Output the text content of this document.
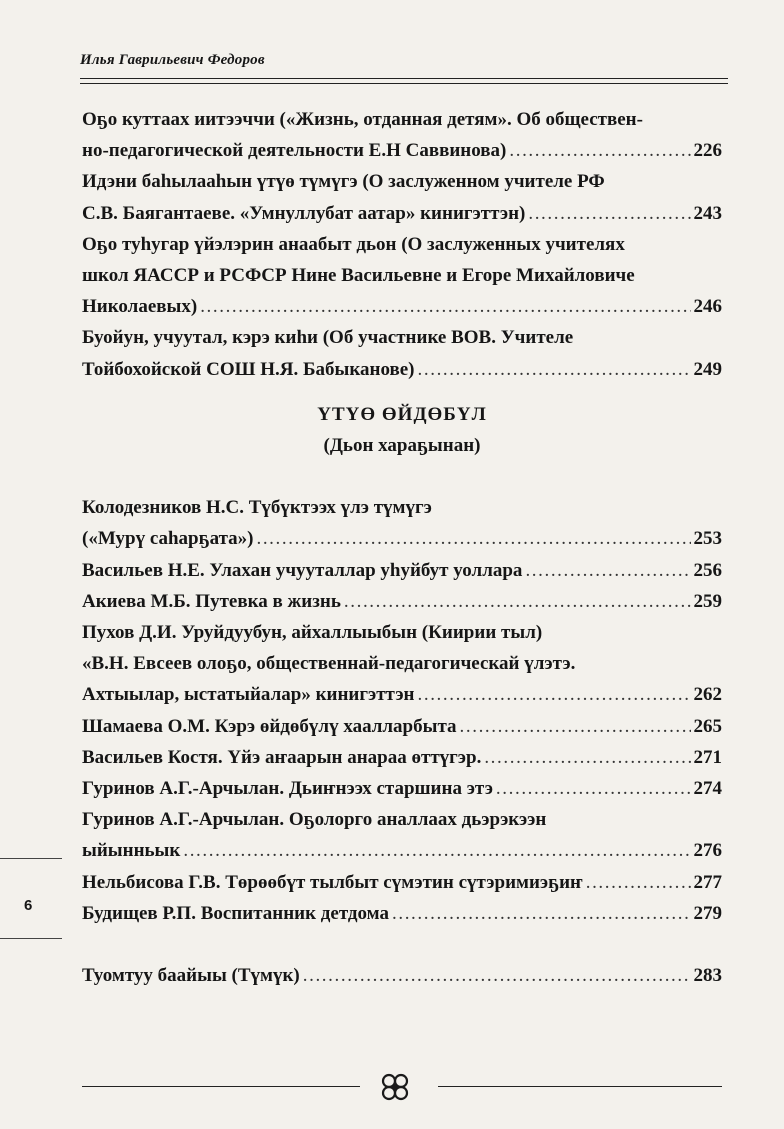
Илья Гаврильевич Федоров
Оҕо куттаах иитээччи («Жизнь, отданная детям». Об обществен-
но-педагогической деятельности Е.Н Саввинова) .....	226
Идэни баһылааһын үтүө түмүгэ (О заслуженном учителе РФ
С.В. Баягантаеве. «Умнуллубат аатар» кинигэттэн) .....	243
Оҕо туһугар үйэлэрин анаабыт дьон (О заслуженных учителях
школ ЯАССР и РСФСР Нине Васильевне и Егоре Михайловиче
Николаевых) .....	246
Буойун, учуутал, кэрэ киһи (Об участнике ВОВ. Учителе
Тойбохойской СОШ Н.Я. Бабыканове) .....	249
ҮТҮӨ ӨЙДӨБҮЛ
(Дьон хараҕынан)
Колодезников Н.С. Түбүктээх үлэ түмүгэ
(«Мурү саһарҕата») .....	253
Васильев Н.Е. Улахан учууталлар уһуйбут уоллара .....	256
Акиева М.Б. Путевка в жизнь .....	259
Пухов Д.И. Уруйдуубун, айхаллыыбын (Киирии тыл)
«В.Н. Евсеев олоҕо, общественнай-педагогическай үлэтэ.
Ахтыылар, ыстатыйалар» кинигэттэн .....	262
Шамаева О.М. Кэрэ өйдөбүлү хаалларбыта .....	265
Васильев Костя. Үйэ аҥаарын анараа өттүгэр. .....	271
Гуринов А.Г.-Арчылан. Дьиҥнээх старшина этэ .....	274
Гуринов А.Г.-Арчылан. Оҕолорго аналлаах дьэрэкээн
ыйынньык .....	276
Нельбисова Г.В. Төрөөбүт тылбыт сүмэтин сүтэримиэҕиҥ .....	277
Будищев Р.П. Воспитанник детдома .....	279
Туомтуу баайыы (Түмүк) .....	283
6
